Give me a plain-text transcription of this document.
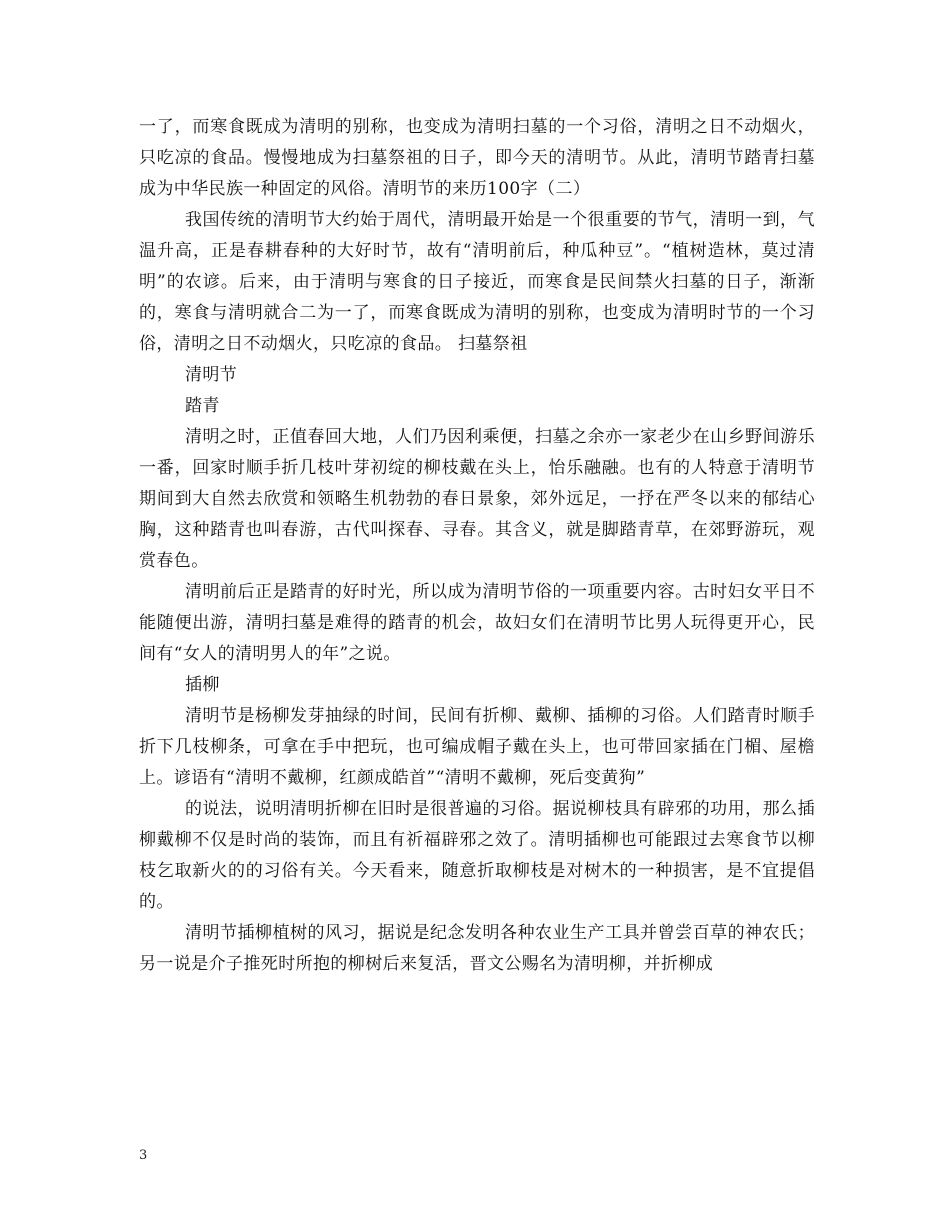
一了，而寒食既成为清明的别称，也变成为清明扫墓的一个习俗，清明之日不动烟火，只吃凉的食品。慢慢地成为扫墓祭祖的日子，即今天的清明节。从此，清明节踏青扫墓成为中华民族一种固定的风俗。清明节的来历100字（二）

我国传统的清明节大约始于周代，清明最开始是一个很重要的节气，清明一到，气温升高，正是春耕春种的大好时节，故有“清明前后，种瓜种豆”。“植树造林，莫过清明”的农谚。后来，由于清明与寒食的日子接近，而寒食是民间禁火扫墓的日子，渐渐的，寒食与清明就合二为一了，而寒食既成为清明的别称，也变成为清明时节的一个习俗，清明之日不动烟火，只吃凉的食品。 扫墓祭祖

清明节

踏青

清明之时，正值春回大地，人们乃因利乘便，扫墓之余亦一家老少在山乡野间游乐一番，回家时顺手折几枝叶芽初绽的柳枝戴在头上，怡乐融融。也有的人特意于清明节期间到大自然去欣赏和领略生机勃勃的春日景象，郊外远足，一抒在严冬以来的郁结心胸，这种踏青也叫春游，古代叫探春、寻春。其含义，就是脚踏青草，在郊野游玩，观赏春色。

清明前后正是踏青的好时光，所以成为清明节俗的一项重要内容。古时妇女平日不能随便出游，清明扫墓是难得的踏青的机会，故妇女们在清明节比男人玩得更开心，民间有“女人的清明男人的年”之说。

插柳

清明节是杨柳发芽抽绿的时间，民间有折柳、戴柳、插柳的习俗。人们踏青时顺手折下几枝柳条，可拿在手中把玩，也可编成帽子戴在头上，也可带回家插在门楣、屋檐上。谚语有“清明不戴柳，红颜成皓首”“清明不戴柳，死后变黄狗”

的说法，说明清明折柳在旧时是很普遍的习俗。据说柳枝具有辟邪的功用，那么插柳戴柳不仅是时尚的装饰，而且有祈福辟邪之效了。清明插柳也可能跟过去寒食节以柳枝乞取新火的的习俗有关。今天看来，随意折取柳枝是对树木的一种损害，是不宜提倡的。

清明节插柳植树的风习，据说是纪念发明各种农业生产工具并曾尝百草的神农氏；另一说是介子推死时所抱的柳树后来复活，晋文公赐名为清明柳，并折柳成

3
